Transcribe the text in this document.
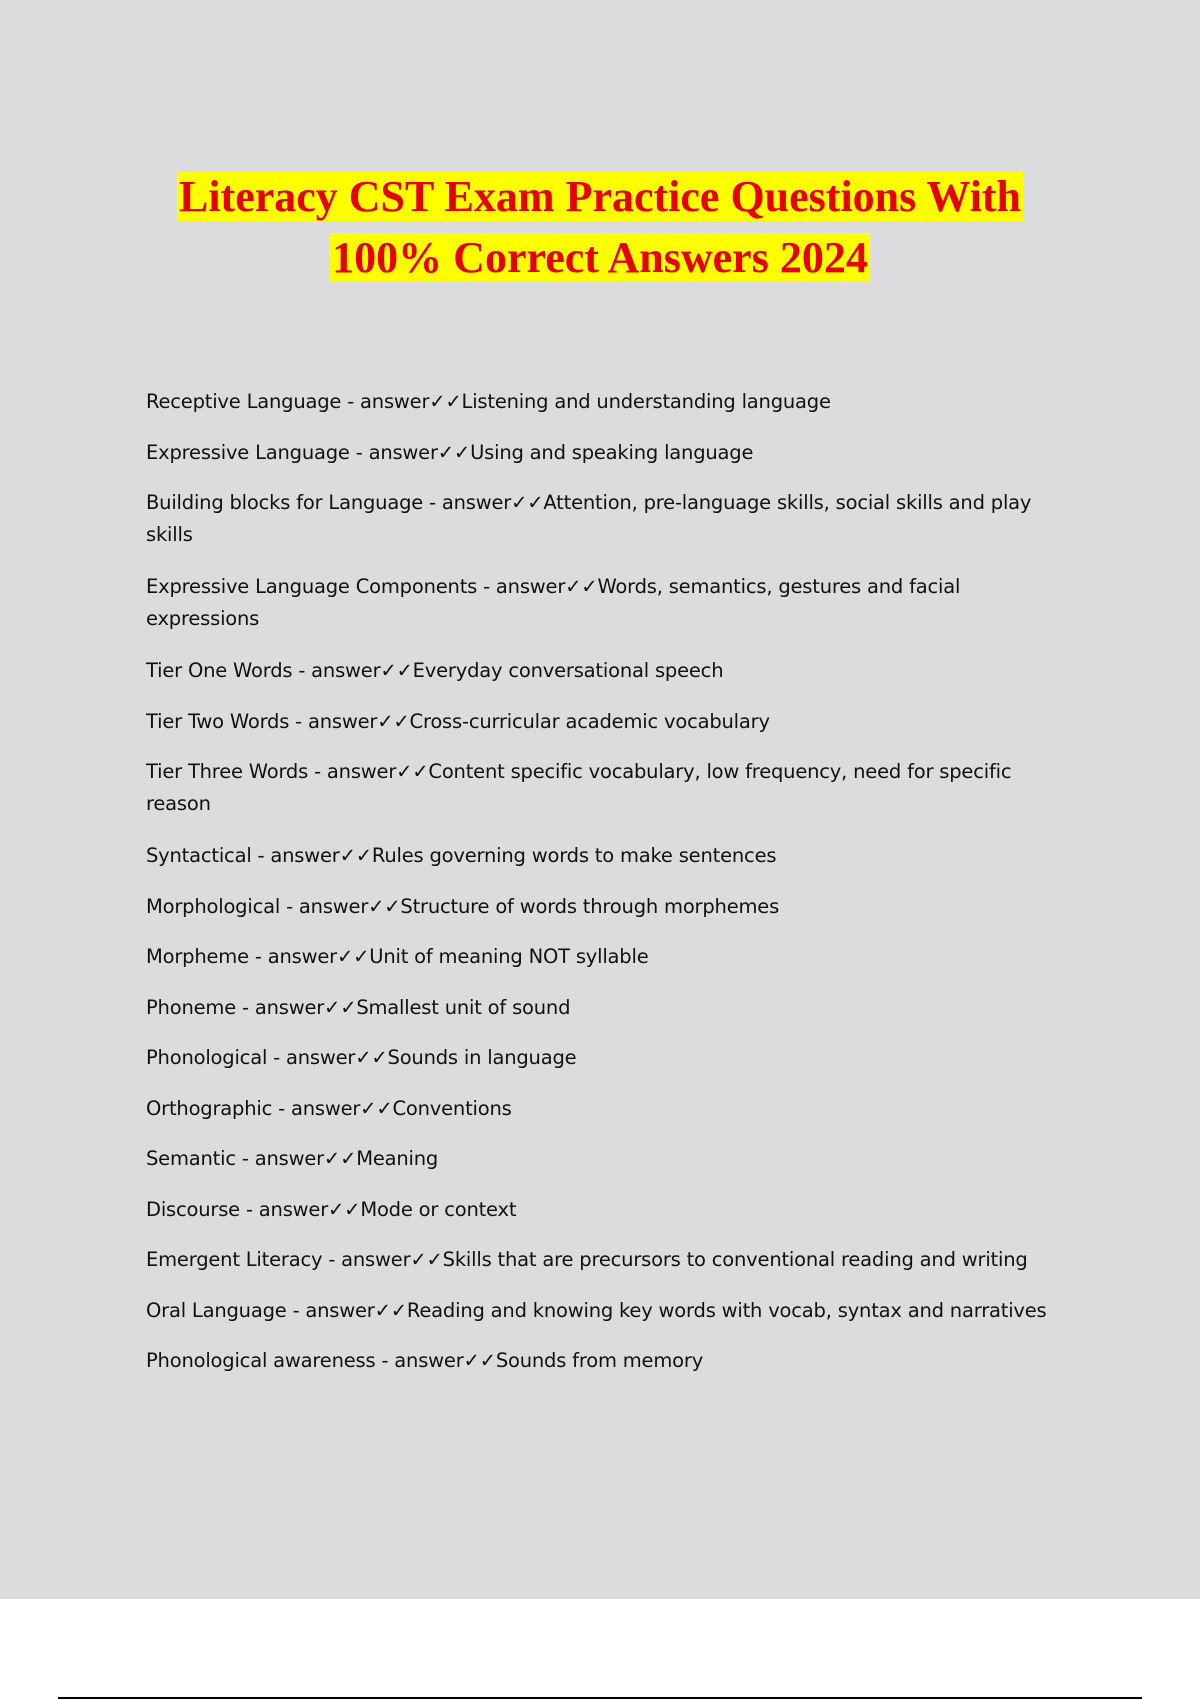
Literacy CST Exam Practice Questions With
100% Correct Answers 2024
Receptive Language - answer✓✓Listening and understanding language
Expressive Language - answer✓✓Using and speaking language
Building blocks for Language - answer✓✓Attention, pre-language skills, social skills and play skills
Expressive Language Components - answer✓✓Words, semantics, gestures and facial expressions
Tier One Words - answer✓✓Everyday conversational speech
Tier Two Words - answer✓✓Cross-curricular academic vocabulary
Tier Three Words - answer✓✓Content specific vocabulary, low frequency, need for specific reason
Syntactical - answer✓✓Rules governing words to make sentences
Morphological - answer✓✓Structure of words through morphemes
Morpheme - answer✓✓Unit of meaning NOT syllable
Phoneme - answer✓✓Smallest unit of sound
Phonological - answer✓✓Sounds in language
Orthographic - answer✓✓Conventions
Semantic - answer✓✓Meaning
Discourse - answer✓✓Mode or context
Emergent Literacy - answer✓✓Skills that are precursors to conventional reading and writing
Oral Language - answer✓✓Reading and knowing key words with vocab, syntax and narratives
Phonological awareness - answer✓✓Sounds from memory
